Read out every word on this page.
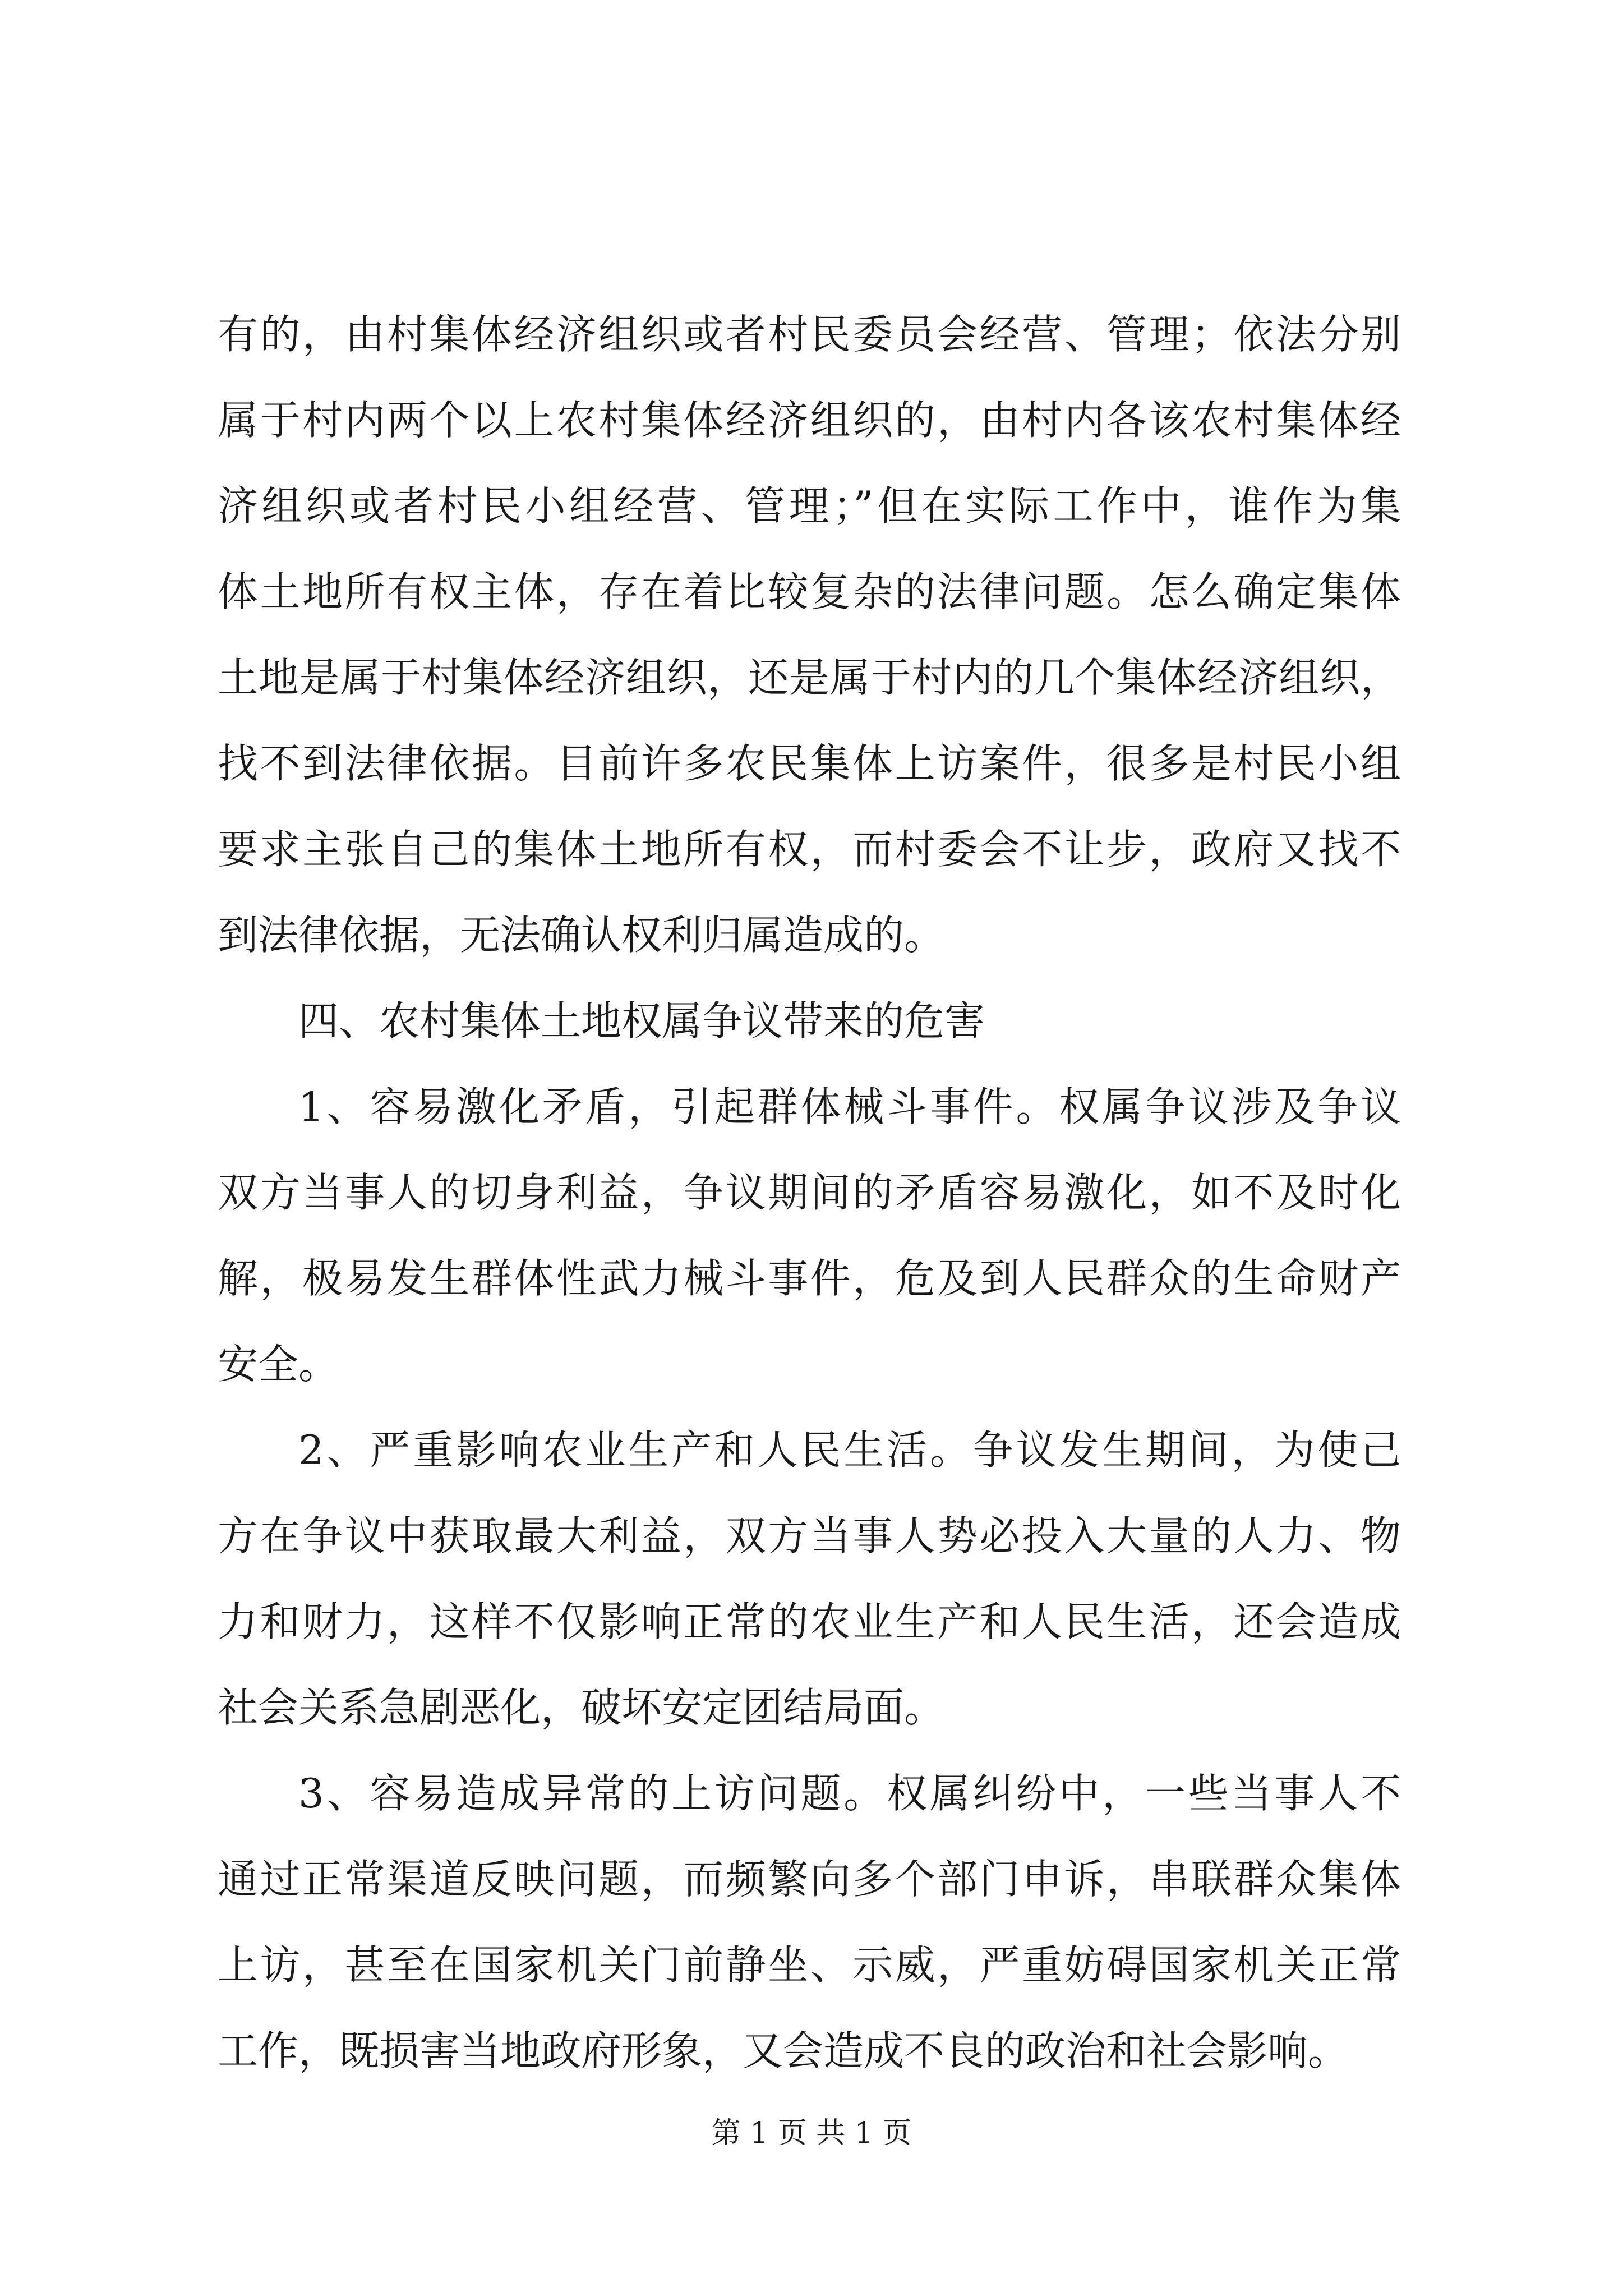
有的，由村集体经济组织或者村民委员会经营、管理；依法分别
属于村内两个以上农村集体经济组织的，由村内各该农村集体经
济组织或者村民小组经营、管理；”但在实际工作中，谁作为集
体土地所有权主体，存在着比较复杂的法律问题。怎么确定集体
土地是属于村集体经济组织，还是属于村内的几个集体经济组织，
找不到法律依据。目前许多农民集体上访案件，很多是村民小组
要求主张自己的集体土地所有权，而村委会不让步，政府又找不
到法律依据，无法确认权利归属造成的。
四、农村集体土地权属争议带来的危害
1、容易激化矛盾，引起群体械斗事件。权属争议涉及争议
双方当事人的切身利益，争议期间的矛盾容易激化，如不及时化
解，极易发生群体性武力械斗事件，危及到人民群众的生命财产
安全。
2、严重影响农业生产和人民生活。争议发生期间，为使己
方在争议中获取最大利益，双方当事人势必投入大量的人力、物
力和财力，这样不仅影响正常的农业生产和人民生活，还会造成
社会关系急剧恶化，破坏安定团结局面。
3、容易造成异常的上访问题。权属纠纷中，一些当事人不
通过正常渠道反映问题，而频繁向多个部门申诉，串联群众集体
上访，甚至在国家机关门前静坐、示威，严重妨碍国家机关正常
工作，既损害当地政府形象，又会造成不良的政治和社会影响。
第 1 页 共 1 页
